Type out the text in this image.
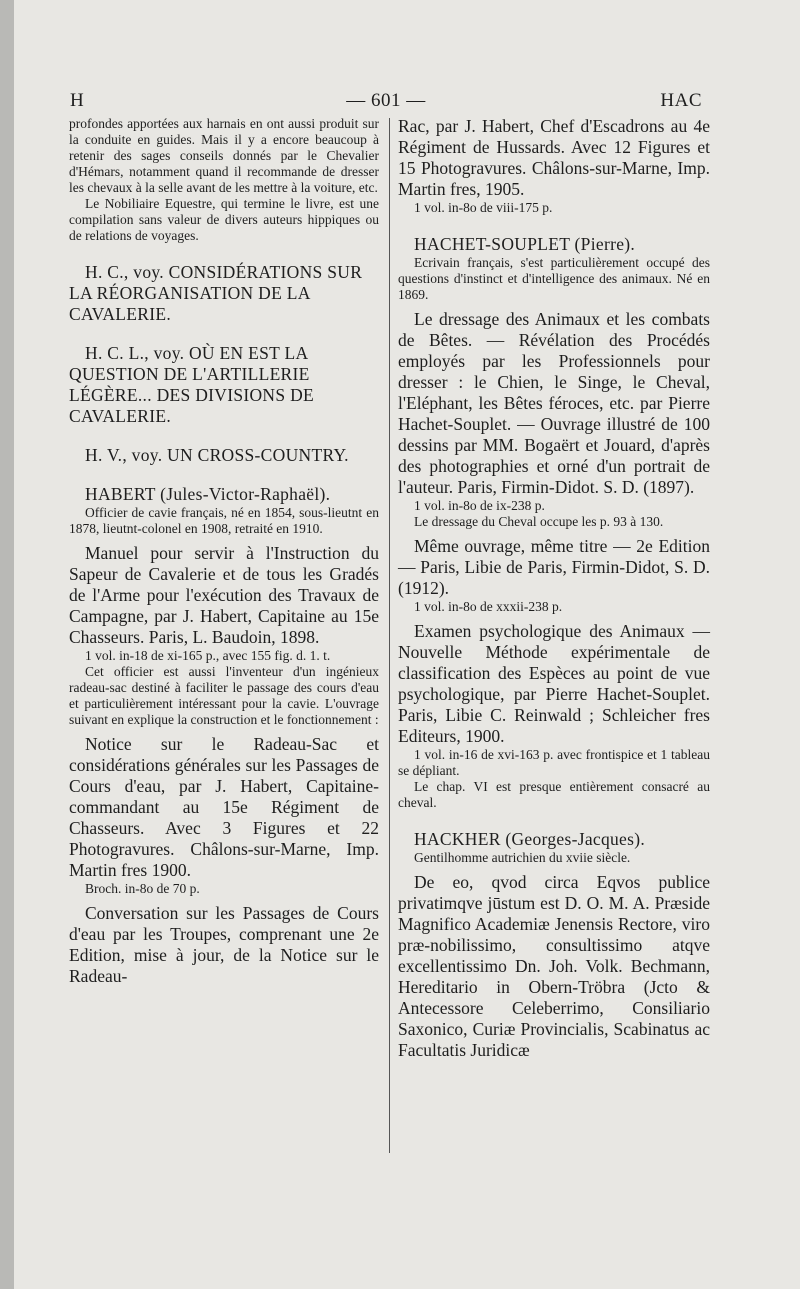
H	— 601 —	HAC

profondes apportées aux harnais en ont aussi produit sur la conduite en guides. Mais il y a encore beaucoup à retenir des sages conseils donnés par le Chevalier d'Hémars, notamment quand il recommande de dresser les chevaux à la selle avant de les mettre à la voiture, etc.

Le Nobiliaire Equestre, qui termine le livre, est une compilation sans valeur de divers auteurs hippiques ou de relations de voyages.

H. C., voy. CONSIDÉRATIONS SUR LA RÉORGANISATION DE LA CAVALERIE.

H. C. L., voy. OÙ EN EST LA QUESTION DE L'ARTILLERIE LÉGÈRE... DES DIVISIONS DE CAVALERIE.

H. V., voy. UN CROSS-COUNTRY.

HABERT (Jules-Victor-Raphaël).

Officier de cavie français, né en 1854, sous-lieutnt en 1878, lieutnt-colonel en 1908, retraité en 1910.

Manuel pour servir à l'Instruction du Sapeur de Cavalerie et de tous les Gradés de l'Arme pour l'exécution des Travaux de Campagne, par J. Habert, Capitaine au 15e Chasseurs. Paris, L. Baudoin, 1898.

1 vol. in-18 de xi-165 p., avec 155 fig. d. 1. t.

Cet officier est aussi l'inventeur d'un ingénieux radeau-sac destiné à faciliter le passage des cours d'eau et particulièrement intéressant pour la cavie. L'ouvrage suivant en explique la construction et le fonctionnement :

Notice sur le Radeau-Sac et considérations générales sur les Passages de Cours d'eau, par J. Habert, Capitaine-commandant au 15e Régiment de Chasseurs. Avec 3 Figures et 22 Photogravures. Châlons-sur-Marne, Imp. Martin fres 1900.

Broch. in-8o de 70 p.

Conversation sur les Passages de Cours d'eau par les Troupes, comprenant une 2e Edition, mise à jour, de la Notice sur le Radeau-

Rac, par J. Habert, Chef d'Escadrons au 4e Régiment de Hussards. Avec 12 Figures et 15 Photogravures. Châlons-sur-Marne, Imp. Martin fres, 1905.

1 vol. in-8o de viii-175 p.

HACHET-SOUPLET (Pierre).

Ecrivain français, s'est particulièrement occupé des questions d'instinct et d'intelligence des animaux. Né en 1869.

Le dressage des Animaux et les combats de Bêtes. — Révélation des Procédés employés par les Professionnels pour dresser : le Chien, le Singe, le Cheval, l'Eléphant, les Bêtes féroces, etc. par Pierre Hachet-Souplet. — Ouvrage illustré de 100 dessins par MM. Bogaërt et Jouard, d'après des photographies et orné d'un portrait de l'auteur. Paris, Firmin-Didot. S. D. (1897).

1 vol. in-8o de ix-238 p.

Le dressage du Cheval occupe les p. 93 à 130.

Même ouvrage, même titre — 2e Edition — Paris, Libie de Paris, Firmin-Didot, S. D. (1912).

1 vol. in-8o de xxxii-238 p.

Examen psychologique des Animaux — Nouvelle Méthode expérimentale de classification des Espèces au point de vue psychologique, par Pierre Hachet-Souplet. Paris, Libie C. Reinwald ; Schleicher fres Editeurs, 1900.

1 vol. in-16 de xvi-163 p. avec frontispice et 1 tableau se dépliant.

Le chap. VI est presque entièrement consacré au cheval.

HACKHER (Georges-Jacques).

Gentilhomme autrichien du xviie siècle.

De eo, qvod circa Eqvos publice privatimqve jūstum est D. O. M. A. Præside Magnifico Academiæ Jenensis Rectore, viro præ-nobilissimo, consultissimo atqve excellentissimo Dn. Joh. Volk. Bechmann, Hereditario in Obern-Tröbra (Jcto & Antecessore Celeberrimo, Consiliario Saxonico, Curiæ Provincialis, Scabinatus ac Facultatis Juridicæ
